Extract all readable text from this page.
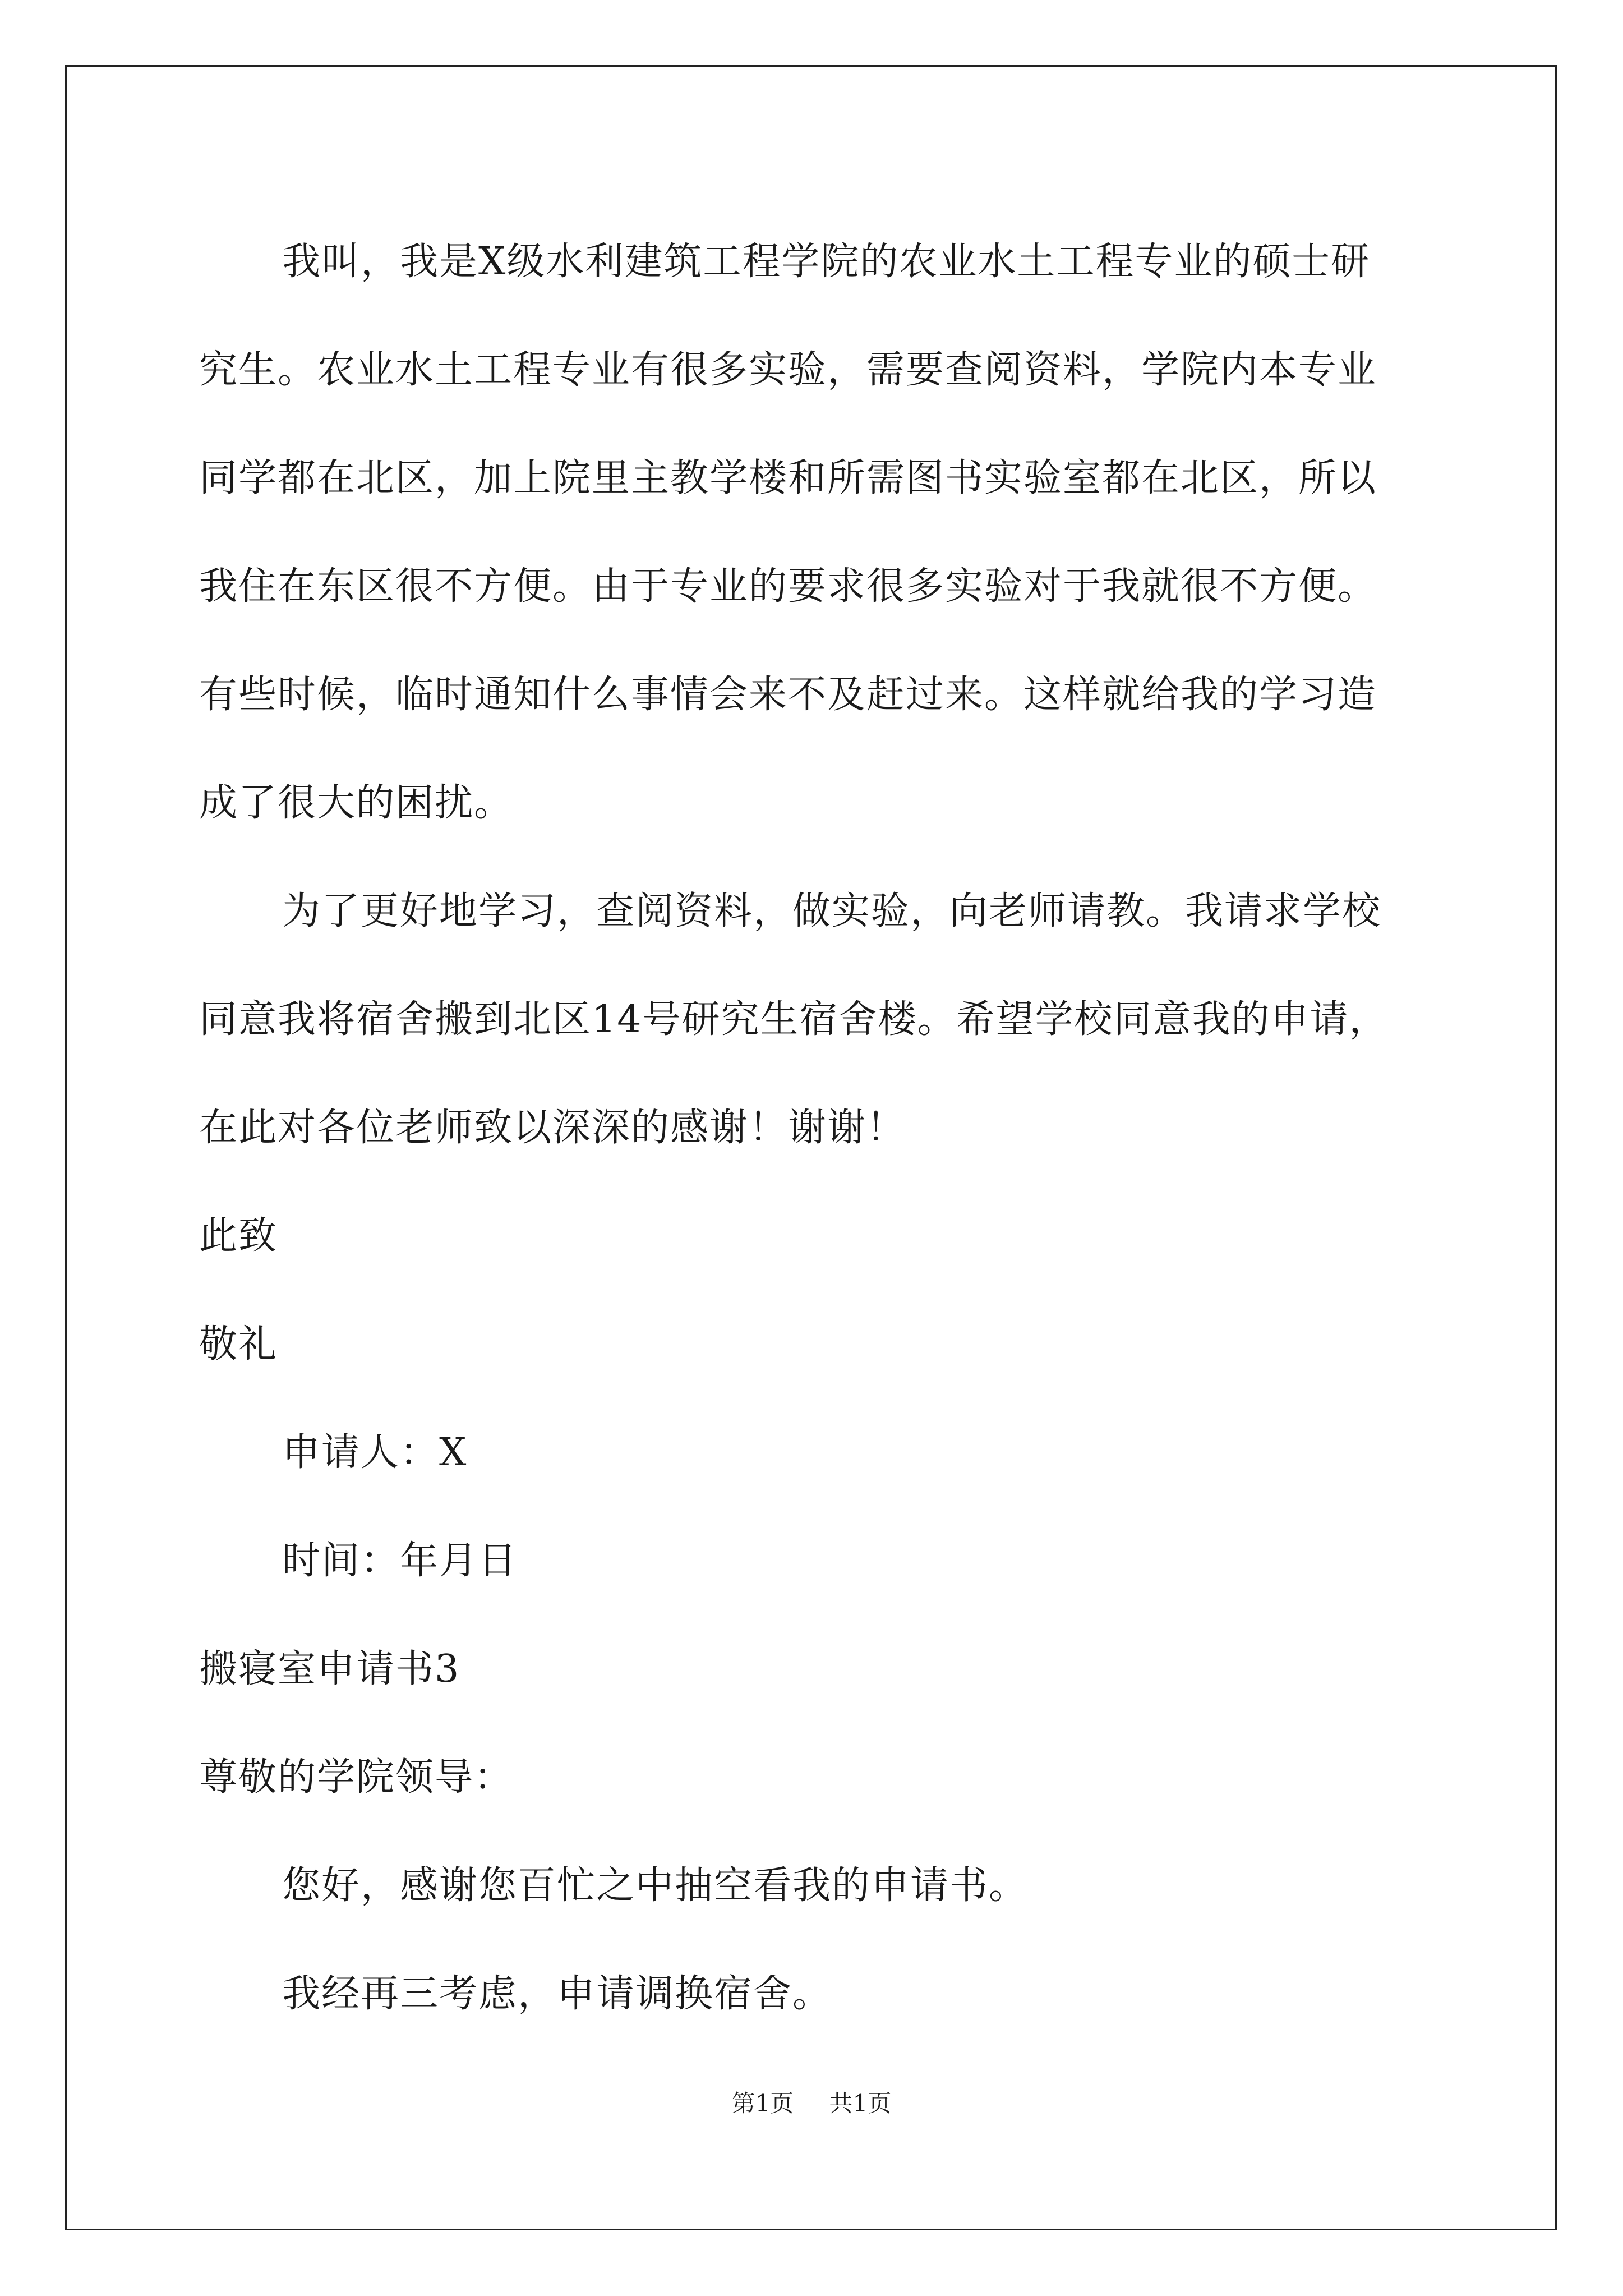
我叫，我是X级水利建筑工程学院的农业水土工程专业的硕士研
究生。农业水土工程专业有很多实验，需要查阅资料，学院内本专业
同学都在北区，加上院里主教学楼和所需图书实验室都在北区，所以
我住在东区很不方便。由于专业的要求很多实验对于我就很不方便。
有些时候，临时通知什么事情会来不及赶过来。这样就给我的学习造
成了很大的困扰。
为了更好地学习，查阅资料，做实验，向老师请教。我请求学校
同意我将宿舍搬到北区14号研究生宿舍楼。希望学校同意我的申请，
在此对各位老师致以深深的感谢！谢谢！
此致
敬礼
申请人：X
时间：年月日
搬寝室申请书3
尊敬的学院领导：
您好，感谢您百忙之中抽空看我的申请书。
我经再三考虑，申请调换宿舍。
第1页 共1页
